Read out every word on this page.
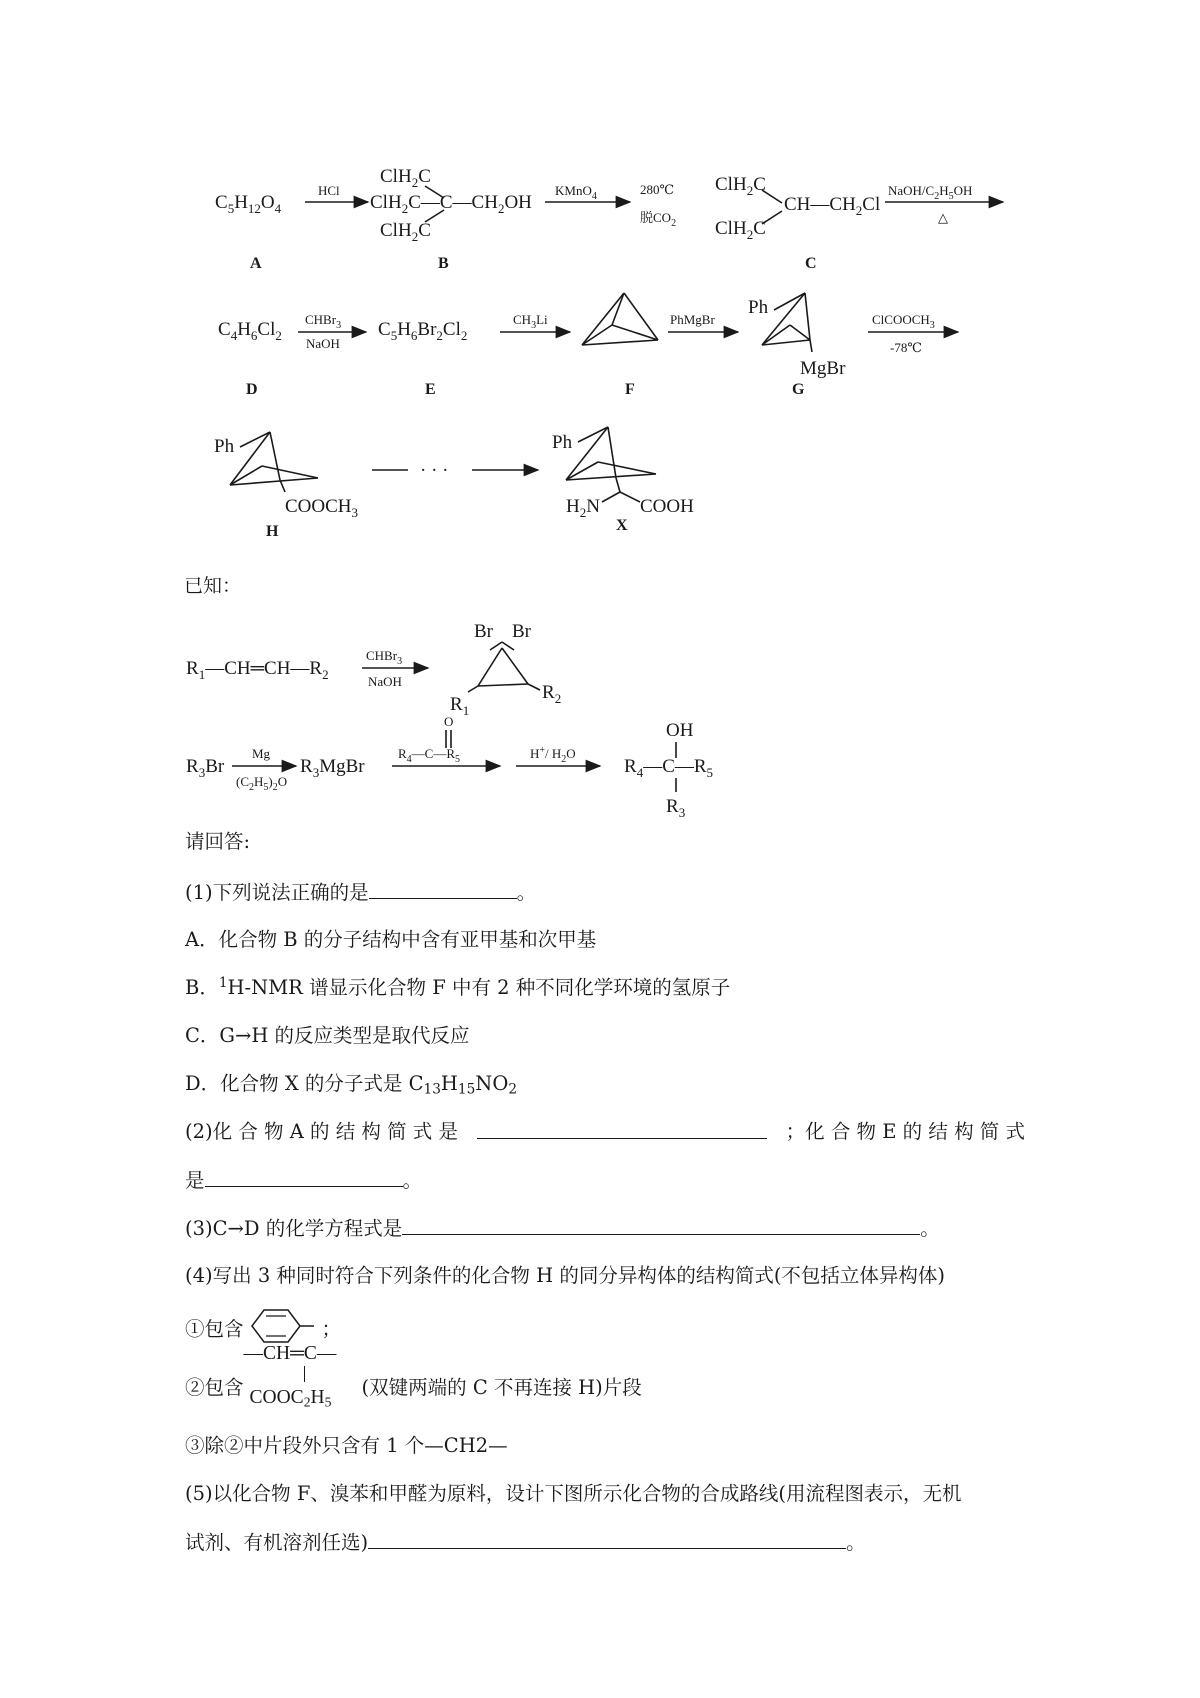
$C_5H_{12}O_4$
HCl
ClH$_2$C
$ClH_2C—C—CH_2OH$
ClH$_2$C
KMnO$_4$	280℃
脱$CO_2$
ClH$_2$C
ClH$_2$C
$CH—CH_2Cl$
NaOH/$C_2H_5OH$
△
A	B	C
$C_4H_6Cl_2$
CHBr$_3$
NaOH
$C_5H_6Br_2Cl_2$
$CH_3Li$	PhMgBr
Ph
MgBr
ClCOOCH$_3$
-78℃
D	E	F	G
Ph
$COOCH_3$
· · ·
Ph
$H_2N$ COOH
H	X
已知：
$R_1—CH═CH—R_2$
CHBr$_3$
NaOH
Br Br
$R_1$
$R_2$
$R_3Br$
Mg
$(C_2H_5)_2O$
$R_3MgBr$
O
$R_4—C—R_5$	H+/ $H_2O$
OH
$R_4—C—R_5$
$R_3$
请回答:
(1)下列说法正确的是	。
A．化合物 B 的分子结构中含有亚甲基和次甲基
B．$^1$H-NMR 谱显示化合物 F 中有 2 种不同化学环境的氢原子
C．G→H 的反应类型是取代反应
D．化合物 X 的分子式是 $C_{13}H_{15}NO_2$
(2)化 合 物 A 的 结 构 简 式 是	；化 合 物 E 的 结 构 简 式
是	。
(3)C→D 的化学方程式是	。
(4)写出 3 种同时符合下列条件的化合物 H 的同分异构体的结构简式(不包括立体异构体)
①包含	；
②包含
—CH═C—
$COOC_2H_5$
(双键两端的 C 不再连接 H)片段
③除②中片段外只含有 1 个—CH2—
(5)以化合物 F、溴苯和甲醛为原料，设计下图所示化合物的合成路线(用流程图表示，无机
试剂、有机溶剂任选)	。
